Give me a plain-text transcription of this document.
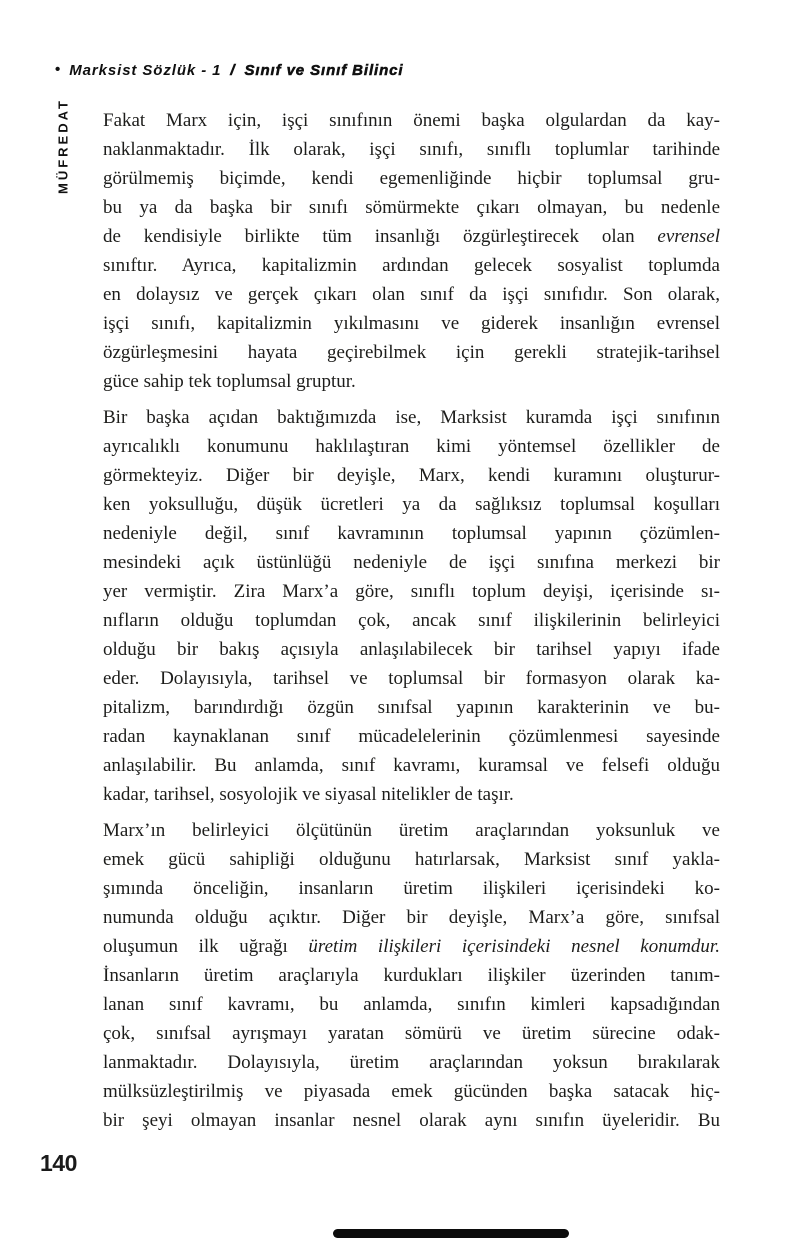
• Marksist Sözlük - 1 / Sınıf ve Sınıf Bilinci
MÜFREDAT Fakat Marx için, işçi sınıfının önemi başka olgulardan da kay-
naklanmaktadır. İlk olarak, işçi sınıfı, sınıflı toplumlar tarihinde
görülmemiş biçimde, kendi egemenliğinde hiçbir toplumsal gru-
bu ya da başka bir sınıfı sömürmekte çıkarı olmayan, bu nedenle
de kendisiyle birlikte tüm insanlığı özgürleştirecek olan evrensel
sınıftır. Ayrıca, kapitalizmin ardından gelecek sosyalist toplumda
en dolaysız ve gerçek çıkarı olan sınıf da işçi sınıfıdır. Son olarak,
işçi sınıfı, kapitalizmin yıkılmasını ve giderek insanlığın evrensel
özgürleşmesini hayata geçirebilmek için gerekli stratejik-tarihsel
güce sahip tek toplumsal gruptur.
Bir başka açıdan baktığımızda ise, Marksist kuramda işçi sınıfının
ayrıcalıklı konumunu haklılaştıran kimi yöntemsel özellikler de
görmekteyiz. Diğer bir deyişle, Marx, kendi kuramını oluşturur-
ken yoksulluğu, düşük ücretleri ya da sağlıksız toplumsal koşulları
nedeniyle değil, sınıf kavramının toplumsal yapının çözümlen-
mesindeki açık üstünlüğü nedeniyle de işçi sınıfına merkezi bir
yer vermiştir. Zira Marx’a göre, sınıflı toplum deyişi, içerisinde sı-
nıfların olduğu toplumdan çok, ancak sınıf ilişkilerinin belirleyici
olduğu bir bakış açısıyla anlaşılabilecek bir tarihsel yapıyı ifade
eder. Dolayısıyla, tarihsel ve toplumsal bir formasyon olarak ka-
pitalizm, barındırdığı özgün sınıfsal yapının karakterinin ve bu-
radan kaynaklanan sınıf mücadelelerinin çözümlenmesi sayesinde
anlaşılabilir. Bu anlamda, sınıf kavramı, kuramsal ve felsefi olduğu
kadar, tarihsel, sosyolojik ve siyasal nitelikler de taşır.
Marx’ın belirleyici ölçütünün üretim araçlarından yoksunluk ve
emek gücü sahipliği olduğunu hatırlarsak, Marksist sınıf yakla-
şımında önceliğin, insanların üretim ilişkileri içerisindeki ko-
numunda olduğu açıktır. Diğer bir deyişle, Marx’a göre, sınıfsal
oluşumun ilk uğrağı üretim ilişkileri içerisindeki nesnel konumdur.
İnsanların üretim araçlarıyla kurdukları ilişkiler üzerinden tanım-
lanan sınıf kavramı, bu anlamda, sınıfın kimleri kapsadığından
çok, sınıfsal ayrışmayı yaratan sömürü ve üretim sürecine odak-
lanmaktadır. Dolayısıyla, üretim araçlarından yoksun bırakılarak
mülksüzleştirilmiş ve piyasada emek gücünden başka satacak hiç-
bir şeyi olmayan insanlar nesnel olarak aynı sınıfın üyeleridir. Bu
140
